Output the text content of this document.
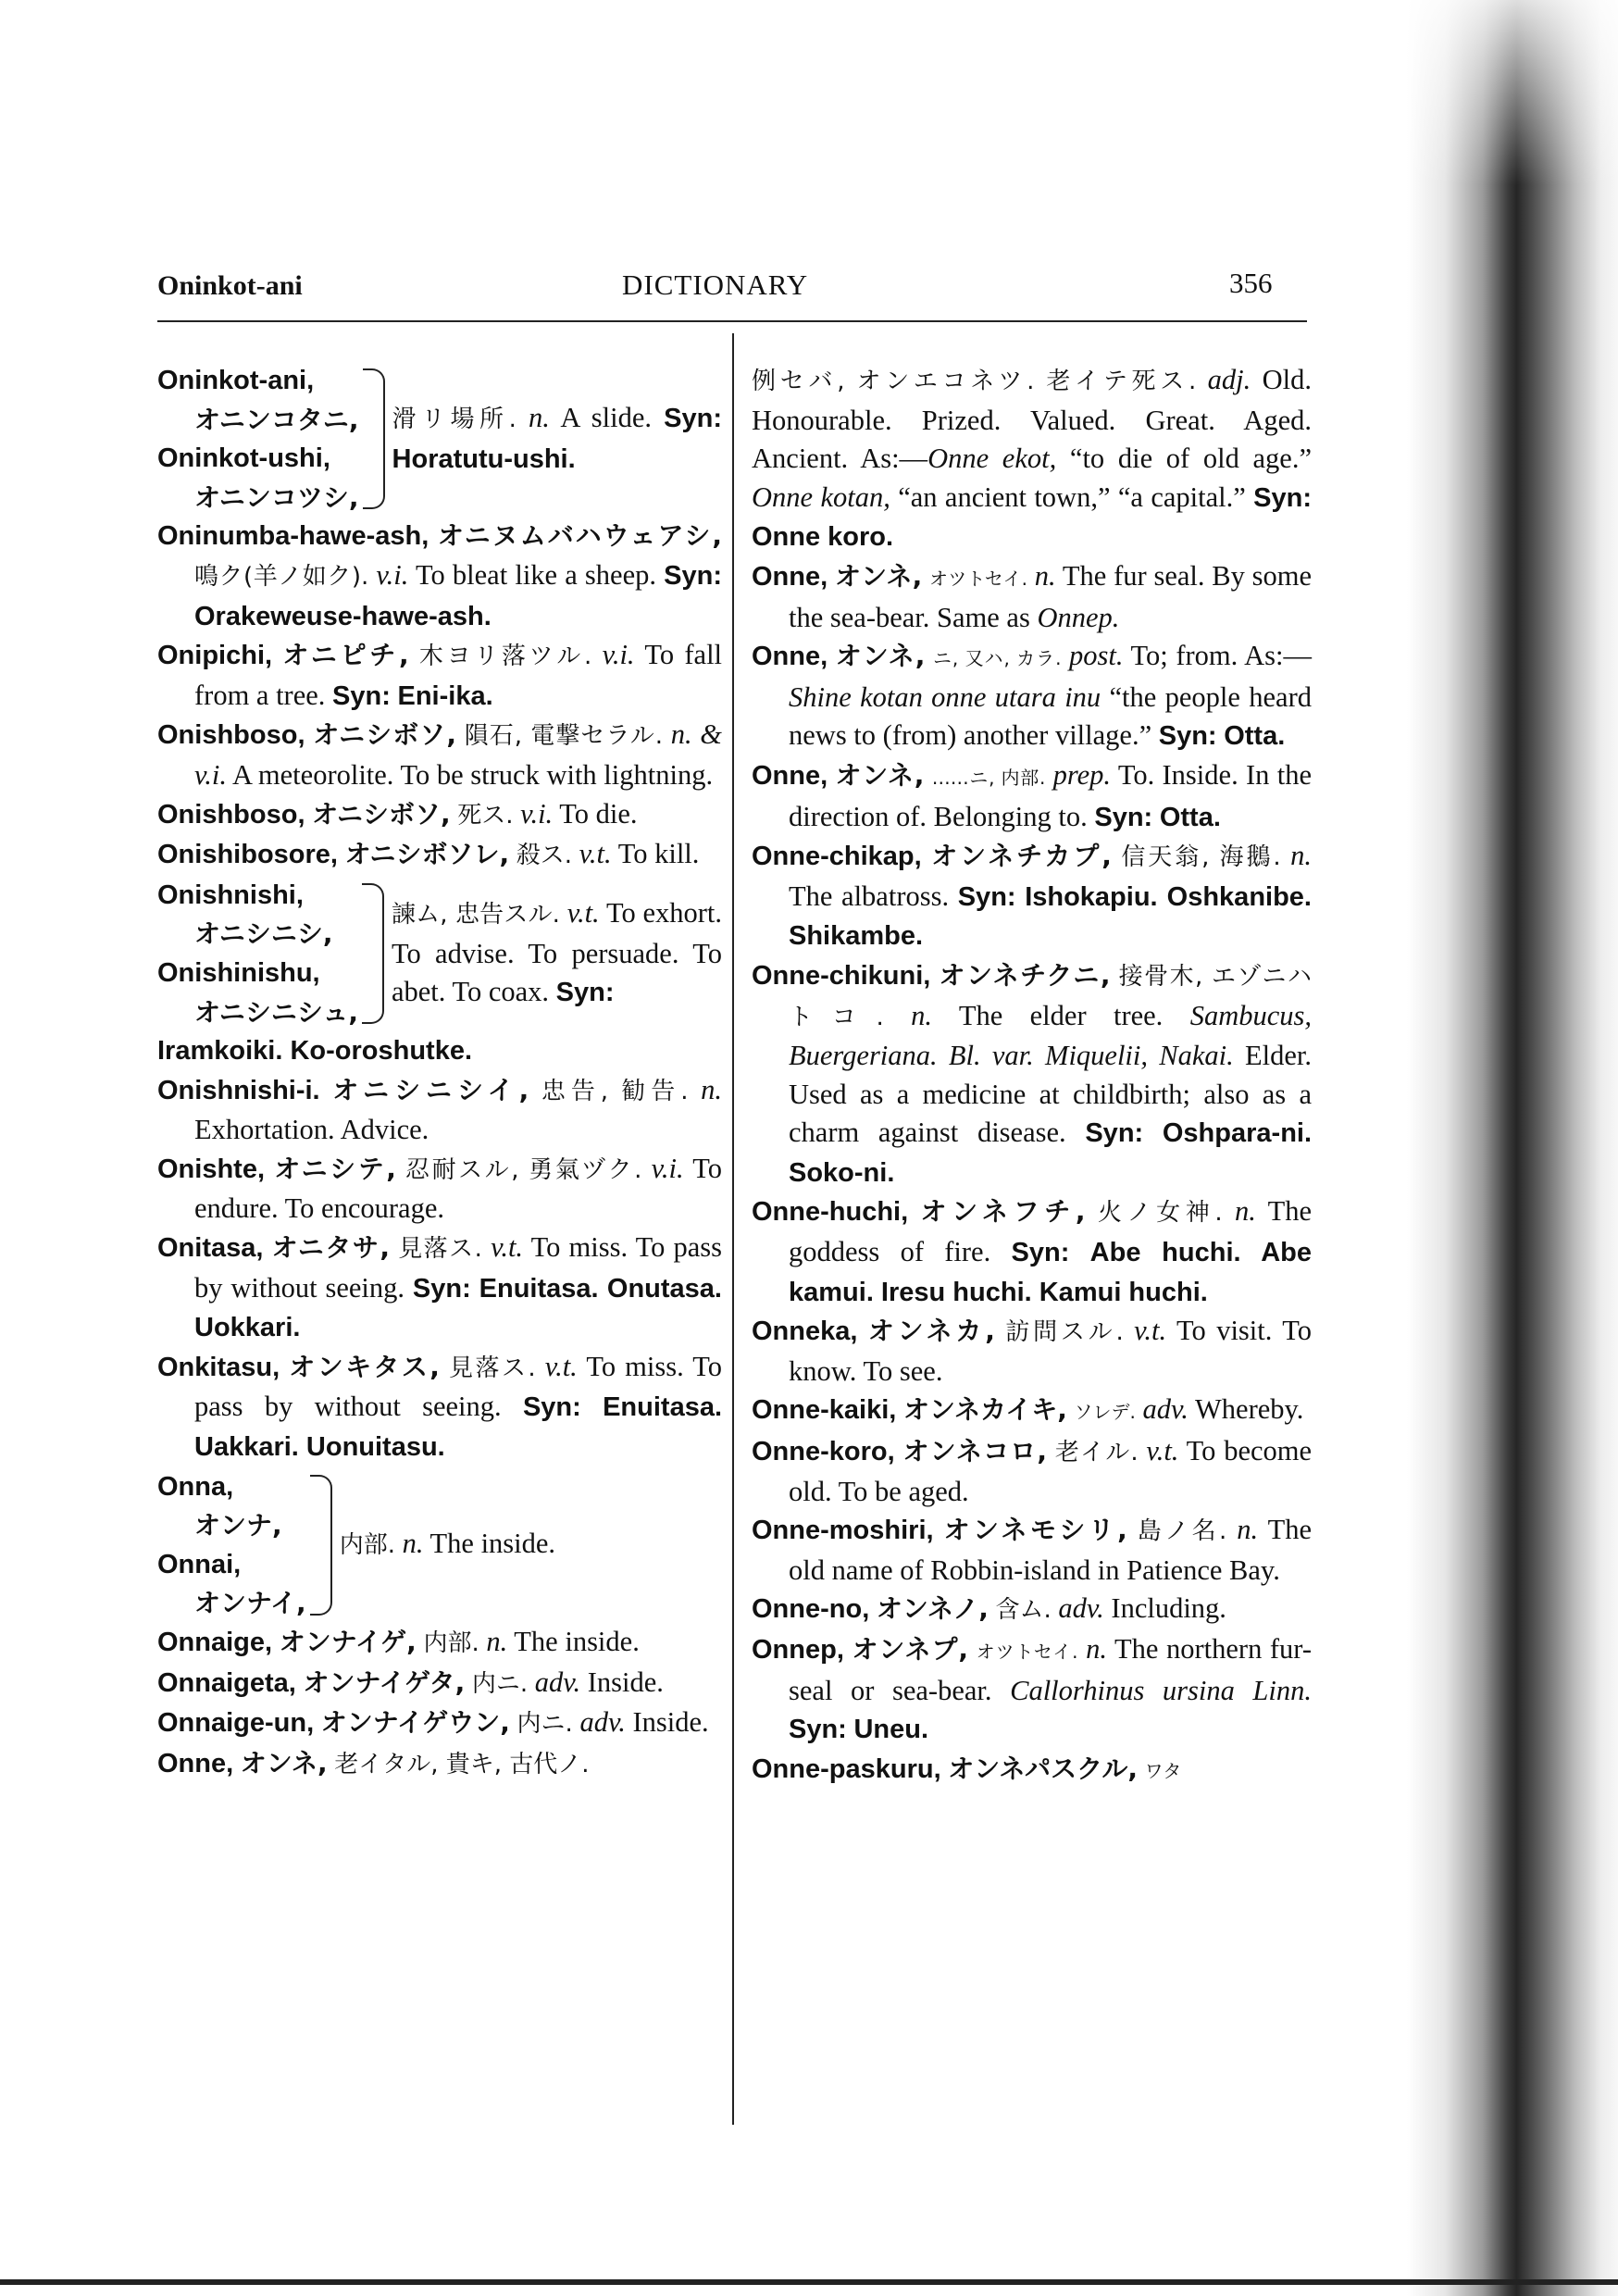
Oninkot-ani	DICTIONARY	356
Oninkot-ani,
オニンコタニ,
Oninkot-ushi,
オニンコツシ,
滑リ場所. n. A slide. Syn: Horatutu-ushi.
Oninumba-hawe-ash, オニヌムバハウェアシ, 鳴ク(羊ノ如ク). v.i. To bleat like a sheep. Syn: Orakeweuse-hawe-ash.
Onipichi, オニピチ, 木ヨリ落ツル. v.i. To fall from a tree. Syn: Eni-ika.
Onishboso, オニシボソ, 隕石, 電撃セラル. n. & v.i. A meteorolite. To be struck with lightning.
Onishboso, オニシボソ, 死ス. v.i. To die.
Onishibosore, オニシボソレ, 殺ス. v.t. To kill.
Onishnishi,
オニシニシ,
Onishinishu,
オニシニシュ,
諫ム, 忠告スル. v.t. To exhort. To advise. To persuade. To abet. To coax. Syn:
Iramkoiki. Ko-oroshutke.
Onishnishi-i. オニシニシイ, 忠告, 勧告. n. Exhortation. Advice.
Onishte, オニシテ, 忍耐スル, 勇氣ヅク. v.i. To endure. To encourage.
Onitasa, オニタサ, 見落ス. v.t. To miss. To pass by without seeing. Syn: Enuitasa. Onutasa. Uokkari.
Onkitasu, オンキタス, 見落ス. v.t. To miss. To pass by without seeing. Syn: Enuitasa. Uakkari. Uonuitasu.
Onna,
オンナ,
Onnai,
オンナイ,
内部. n. The inside.
Onnaige, オンナイゲ, 内部. n. The inside.
Onnaigeta, オンナイゲタ, 内ニ. adv. Inside.
Onnaige-un, オンナイゲウン, 内ニ. adv. Inside.
Onne, オンネ, 老イタル, 貴キ, 古代ノ.
例セバ, オンエコネツ. 老イテ死ス. adj. Old. Honourable. Prized. Valued. Great. Aged. Ancient. As:—Onne ekot, “to die of old age.” Onne kotan, “an ancient town,” “a capital.” Syn: Onne koro.
Onne, オンネ, オツトセイ. n. The fur seal. By some the sea-bear. Same as Onnep.
Onne, オンネ, ニ, 又ハ, カラ. post. To; from. As:—Shine kotan onne utara inu “the people heard news to (from) another village.” Syn: Otta.
Onne, オンネ, ……ニ, 内部. prep. To. Inside. In the direction of. Belonging to. Syn: Otta.
Onne-chikap, オンネチカプ, 信天翁, 海鵝. n. The albatross. Syn: Ishokapiu. Oshkanibe. Shikambe.
Onne-chikuni, オンネチクニ, 接骨木, エゾニハトコ. n. The elder tree. Sambucus, Buergeriana. Bl. var. Miquelii, Nakai. Elder. Used as a medicine at childbirth; also as a charm against disease. Syn: Oshpara-ni. Soko-ni.
Onne-huchi, オンネフチ, 火ノ女神. n. The goddess of fire. Syn: Abe huchi. Abe kamui. Iresu huchi. Kamui huchi.
Onneka, オンネカ, 訪問スル. v.t. To visit. To know. To see.
Onne-kaiki, オンネカイキ, ソレデ. adv. Whereby.
Onne-koro, オンネコロ, 老イル. v.t. To become old. To be aged.
Onne-moshiri, オンネモシリ, 島ノ名. n. The old name of Robbin-island in Patience Bay.
Onne-no, オンネノ, 含ム. adv. Including.
Onnep, オンネプ, オツトセイ. n. The northern fur-seal or sea-bear. Callorhinus ursina Linn. Syn: Uneu.
Onne-paskuru, オンネパスクル, ワタ
